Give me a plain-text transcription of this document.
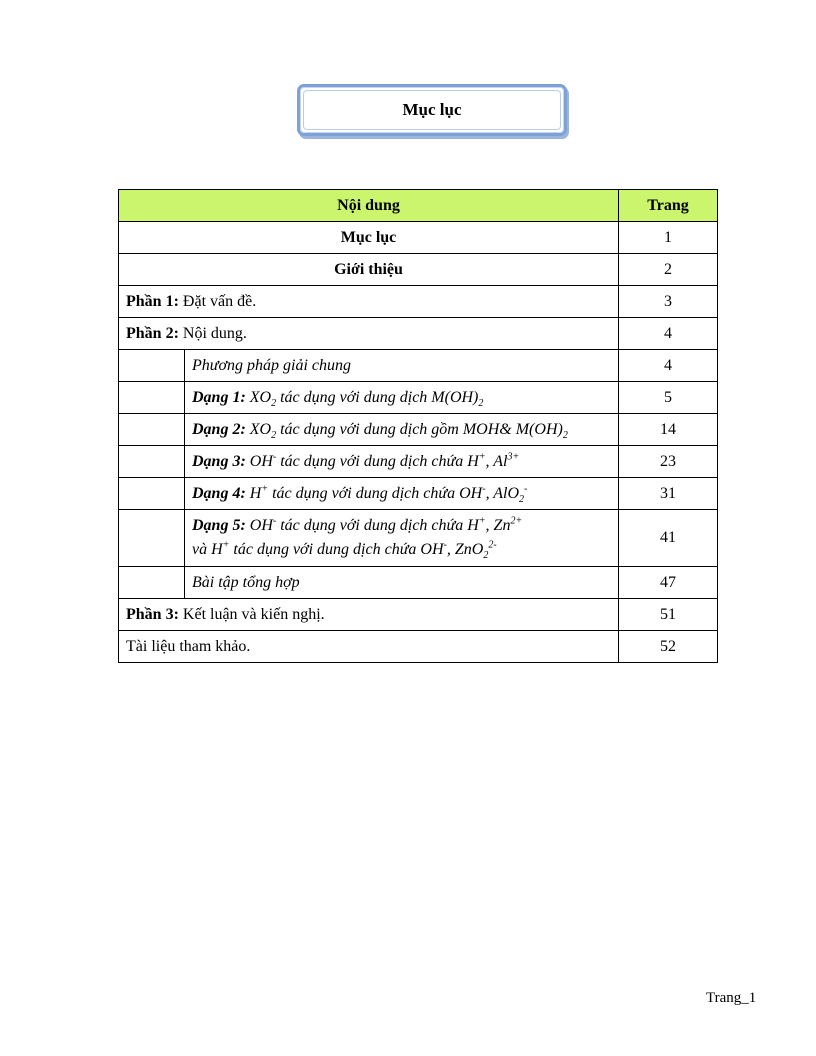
Mục lục
Nội dung		Trang
Mục lục		1
Giới thiệu		2
Phần 1: Đặt vấn đề.		3
Phần 2: Nội dung.		4
	Phương pháp giải chung	4
	Dạng 1: $XO_2$ tác dụng với dung dịch $M(OH)_2$	5
	Dạng 2: $XO_2$ tác dụng với dung dịch gồm MOH& $M(OH)_2$	14
	Dạng 3: OH- tác dụng với dung dịch chứa H+, $Al^{3+}$	23
	Dạng 4: H+ tác dụng với dung dịch chứa OH-, AlO$_2$-	31

	Dạng 5: OH- tác dụng với dung dịch chứa H+, $Zn^{2+}$
và H+ tác dụng với dung dịch chứa OH-, ZnO$_2^{2-}$	41
	Bài tập tổng hợp	47
Phần 3: Kết luận và kiến nghị.		51
Tài liệu tham khảo.		52
Trang_1
